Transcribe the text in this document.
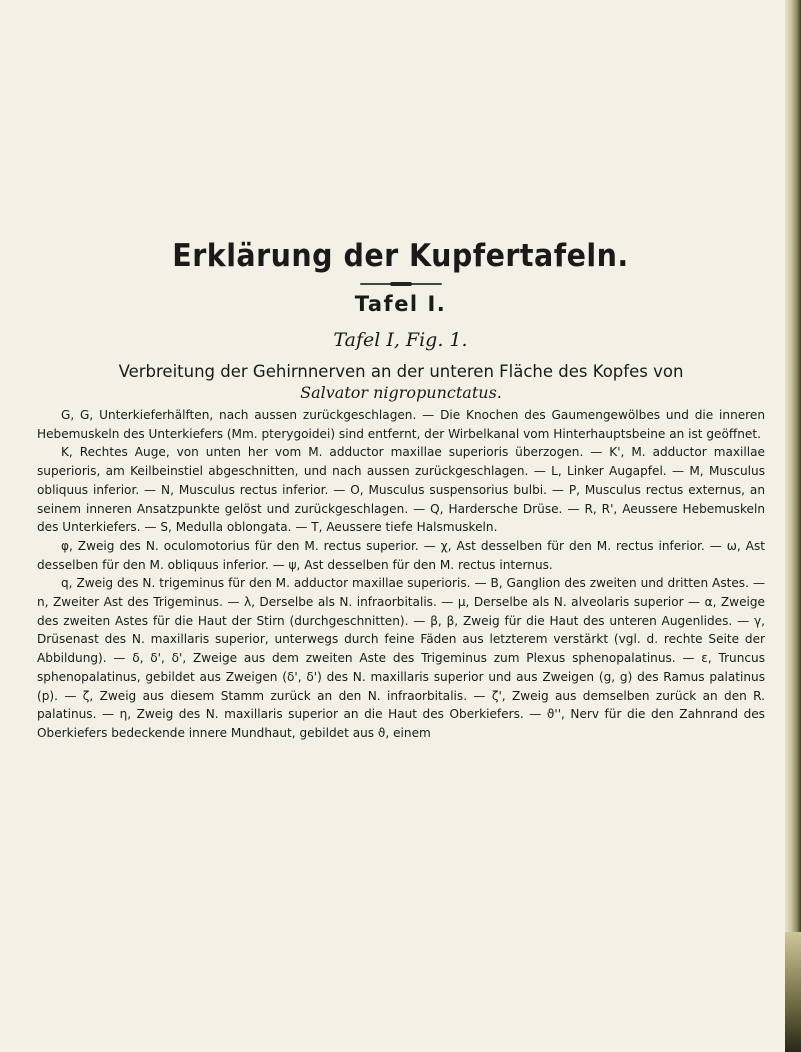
Erklärung der Kupfertafeln.
Tafel I.
Tafel I, Fig. 1.
Verbreitung der Gehirnnerven an der unteren Fläche des Kopfes von
Salvator nigropunctatus.

G, G, Unterkieferhälften, nach aussen zurückgeschlagen. — Die Knochen des Gaumengewölbes und die inneren Hebemuskeln des Unterkiefers (Mm. pterygoidei) sind entfernt, der Wirbelkanal vom Hinterhauptsbeine an ist geöffnet.

K, Rechtes Auge, von unten her vom M. adductor maxillae superioris überzogen. — K', M. adductor maxillae superioris, am Keilbeinstiel abgeschnitten, und nach aussen zurückgeschlagen. — L, Linker Augapfel. — M, Musculus obliquus inferior. — N, Musculus rectus inferior. — O, Musculus suspensorius bulbi. — P, Musculus rectus externus, an seinem inneren Ansatzpunkte gelöst und zurückgeschlagen. — Q, Hardersche Drüse. — R, R', Aeussere Hebemuskeln des Unterkiefers. — S, Medulla oblongata. — T, Aeussere tiefe Halsmuskeln.

φ, Zweig des N. oculomotorius für den M. rectus superior. — χ, Ast desselben für den M. rectus inferior. — ω, Ast desselben für den M. obliquus inferior. — ψ, Ast desselben für den M. rectus internus.

q, Zweig des N. trigeminus für den M. adductor maxillae superioris. — B, Ganglion des zweiten und dritten Astes. — n, Zweiter Ast des Trigeminus. — λ, Derselbe als N. infraorbitalis. — μ, Derselbe als N. alveolaris superior — α, Zweige des zweiten Astes für die Haut der Stirn (durchgeschnitten). — β, β, Zweig für die Haut des unteren Augenlides. — γ, Drüsenast des N. maxillaris superior, unterwegs durch feine Fäden aus letzterem verstärkt (vgl. d. rechte Seite der Abbildung). — δ, δ', δ', Zweige aus dem zweiten Aste des Trigeminus zum Plexus sphenopalatinus. — ε, Truncus sphenopalatinus, gebildet aus Zweigen (δ', δ') des N. maxillaris superior und aus Zweigen (g, g) des Ramus palatinus (p). — ζ, Zweig aus diesem Stamm zurück an den N. infraorbitalis. — ζ', Zweig aus demselben zurück an den R. palatinus. — η, Zweig des N. maxillaris superior an die Haut des Oberkiefers. — ϑ'', Nerv für die den Zahnrand des Oberkiefers bedeckende innere Mundhaut, gebildet aus ϑ, einem
